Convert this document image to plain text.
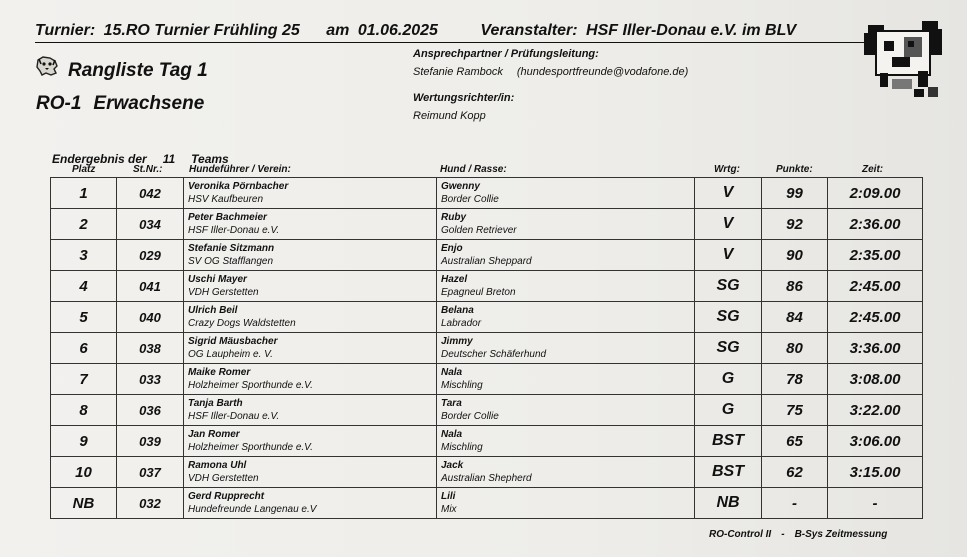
Turnier: 15.RO Turnier Frühling 25 am 01.06.2025	Veranstalter: HSF Iller-Donau e.V. im BLV
Rangliste Tag 1
RO-1 Erwachsene
Ansprechpartner / Prüfungsleitung:
Stefanie Rambock (hundesportfreunde@vodafone.de)
Wertungsrichter/in:
Reimund Kopp
Endergebnis der 11 Teams
Platz	St.Nr.:	Hundeführer / Verein:	Hund / Rasse:	Wrtg:	Punkte:	Zeit:
1	042	Veronika Pörnbacher
HSV Kaufbeuren	Gwenny
Border Collie	V	99	2:09.00
2	034	Peter Bachmeier
HSF Iller-Donau e.V.	Ruby
Golden Retriever	V	92	2:36.00
3	029	Stefanie Sitzmann
SV OG Stafflangen	Enjo
Australian Sheppard	V	90	2:35.00
4	041	Uschi Mayer
VDH Gerstetten	Hazel
Epagneul Breton	SG	86	2:45.00
5	040	Ulrich Beil
Crazy Dogs Waldstetten	Belana
Labrador	SG	84	2:45.00
6	038	Sigrid Mäusbacher
OG Laupheim e. V.	Jimmy
Deutscher Schäferhund	SG	80	3:36.00
7	033	Maike Romer
Holzheimer Sporthunde e.V.	Nala
Mischling	G	78	3:08.00
8	036	Tanja Barth
HSF Iller-Donau e.V.	Tara
Border Collie	G	75	3:22.00
9	039	Jan Romer
Holzheimer Sporthunde e.V.	Nala
Mischling	BST	65	3:06.00
10	037	Ramona Uhl
VDH Gerstetten	Jack
Australian Shepherd	BST	62	3:15.00
NB	032	Gerd Rupprecht
Hundefreunde Langenau e.V	Lili
Mix	NB	-	-
RO-Control II - B-Sys Zeitmessung
